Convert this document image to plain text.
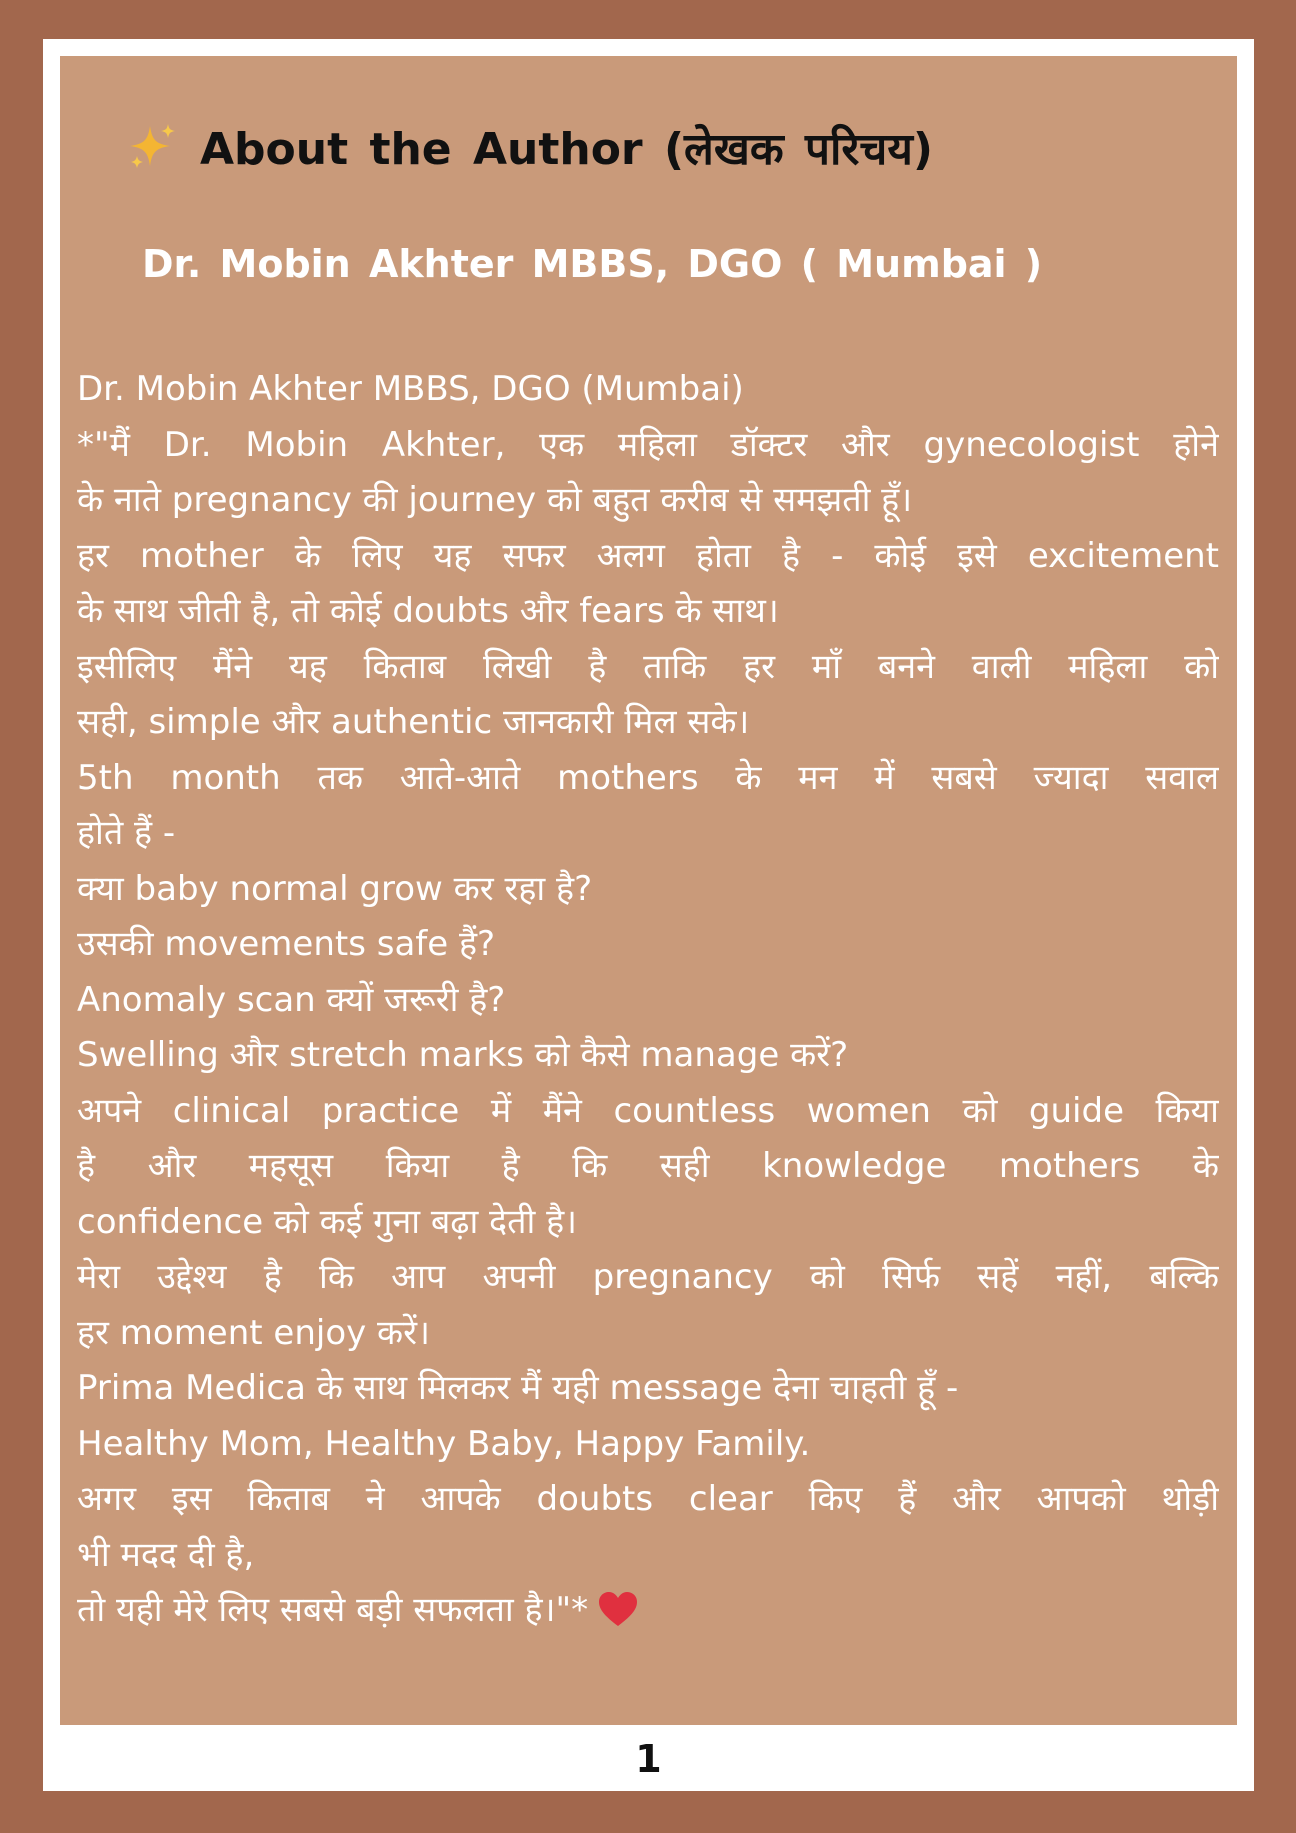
About the Author (लेखक परिचय)
Dr. Mobin Akhter MBBS, DGO ( Mumbai )
Dr. Mobin Akhter MBBS, DGO (Mumbai)
*"मैं Dr. Mobin Akhter, एक महिला डॉक्टर और gynecologist होने
के नाते pregnancy की journey को बहुत करीब से समझती हूँ।
हर mother के लिए यह सफर अलग होता है - कोई इसे excitement
के साथ जीती है, तो कोई doubts और fears के साथ।
इसीलिए मैंने यह किताब लिखी है ताकि हर माँ बनने वाली महिला को
सही, simple और authentic जानकारी मिल सके।
5th month तक आते-आते mothers के मन में सबसे ज्यादा सवाल
होते हैं -
क्या baby normal grow कर रहा है?
उसकी movements safe हैं?
Anomaly scan क्यों जरूरी है?
Swelling और stretch marks को कैसे manage करें?
अपने clinical practice में मैंने countless women को guide किया
है और महसूस किया है कि सही knowledge mothers के
confidence को कई गुना बढ़ा देती है।
मेरा उद्देश्य है कि आप अपनी pregnancy को सिर्फ सहें नहीं, बल्कि
हर moment enjoy करें।
Prima Medica के साथ मिलकर मैं यही message देना चाहती हूँ -
Healthy Mom, Healthy Baby, Happy Family.
अगर इस किताब ने आपके doubts clear किए हैं और आपको थोड़ी
भी मदद दी है,
तो यही मेरे लिए सबसे बड़ी सफलता है।"*
1
